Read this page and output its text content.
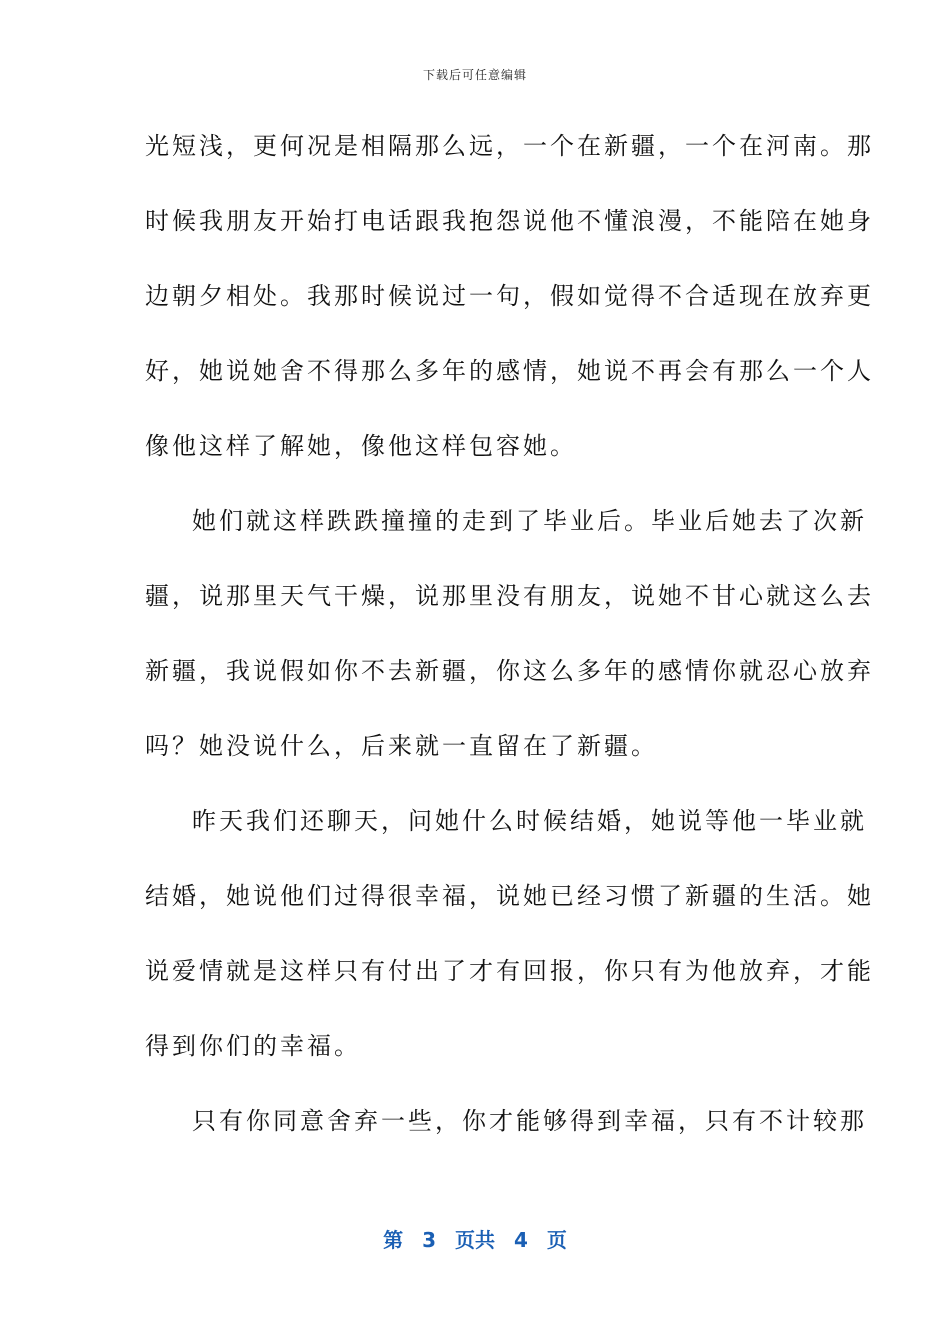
下载后可任意编辑
光短浅，更何况是相隔那么远，一个在新疆，一个在河南。那
时候我朋友开始打电话跟我抱怨说他不懂浪漫，不能陪在她身
边朝夕相处。我那时候说过一句，假如觉得不合适现在放弃更
好，她说她舍不得那么多年的感情，她说不再会有那么一个人
像他这样了解她，像他这样包容她。
她们就这样跌跌撞撞的走到了毕业后。毕业后她去了次新
疆，说那里天气干燥，说那里没有朋友，说她不甘心就这么去
新疆，我说假如你不去新疆，你这么多年的感情你就忍心放弃
吗？她没说什么，后来就一直留在了新疆。
昨天我们还聊天，问她什么时候结婚，她说等他一毕业就
结婚，她说他们过得很幸福，说她已经习惯了新疆的生活。她
说爱情就是这样只有付出了才有回报，你只有为他放弃，才能
得到你们的幸福。
只有你同意舍弃一些，你才能够得到幸福，只有不计较那
第 3 页共 4 页
